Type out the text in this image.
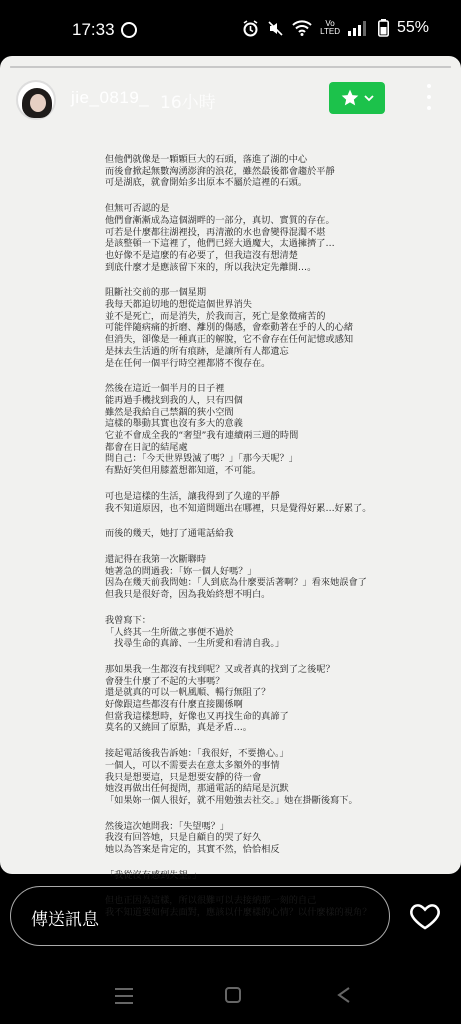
17:33	Vo
LTED	55%
jie_0819_ 16小時
但他們就像是一顆顆巨大的石頭，落進了湖的中心
而後會掀起無數洶湧澎湃的浪花，雖然最後都會趨於平靜
可是湖底，就會開始多出原本不屬於這裡的石頭。
但無可否認的是
他們會漸漸成為這個湖畔的一部分，真切、實質的存在。
可若是什麼都往湖裡投，再清澈的水也會變得混濁不堪
是該整頓一下這裡了，他們已經大過魔大，太過擁擠了…
也好像不是這麼的有必要了，但我這沒有想清楚
到底什麼才是應該留下來的，所以我決定先離開…。
阻斷社交前的那一個星期
我每天都迫切地的想從這個世界消失
並不是死亡，而是消失，於我而言，死亡是象徵痛苦的
可能伴隨病痛的折磨、離別的傷感，會牽動著在乎的人的心緒
但消失，卻像是一種真正的解脫，它不會存在任何記憶或感知
是抹去生活過的所有痕跡，是讓所有人都遺忘
是在任何一個平行時空裡都將不復存在。
然後在這近一個半月的日子裡
能再過手機找到我的人，只有四個
雖然是我給自己禁錮的狹小空間
這樣的舉動其實也沒有多大的意義
它並不會成全我的“奢望”我有連續兩三週的時間
都會在日記的結尾處
問自己：「今天世界毀滅了嗎？」「那今天呢？」
有點好笑但用膝蓋想都知道，不可能。
可也是這樣的生活，讓我得到了久違的平靜
我不知道原因，也不知道問題出在哪裡，只是覺得好累…好累了。
而後的幾天，她打了通電話給我
還記得在我第一次斷聯時
她著急的問過我：「妳一個人好嗎？」
因為在幾天前我問她：「人到底為什麼要活著啊？」看來她誤會了
但我只是很好奇，因為我始終想不明白。
我曾寫下：
「人終其一生所做之事便不過於
　找尋生命的真諦、一生所愛和看清自我。」
那如果我一生都沒有找到呢？又或者真的找到了之後呢？
會發生什麼了不起的大事嗎？
還是就真的可以一帆風順、暢行無阻了？
好像跟這些都沒有什麼直接關係啊
但當我這樣想時，好像也又再找生命的真諦了
莫名的又繞回了原點，真是矛盾…。
接起電話後我告訴她：「我很好，不要擔心。」
一個人，可以不需要去在意太多額外的事情
我只是想要這，只是想要安靜的待一會
她沒再做出任何提問，那通電話的結尾是沉默
「如果妳一個人很好，就不用勉強去社交。」她在掛斷後寫下。
然後這次她問我：「失望嗎？」
我沒有回答她，只是自顧自的哭了好久
她以為答案是肯定的，其實不然，恰恰相反
「我從沒有感到失望。」
但也正因為這樣，所以很難可以去接納那一刻的自己
我不知道要如何去面對，應該以什麼樣的心情？以什麼樣的視角？
傳送訊息
